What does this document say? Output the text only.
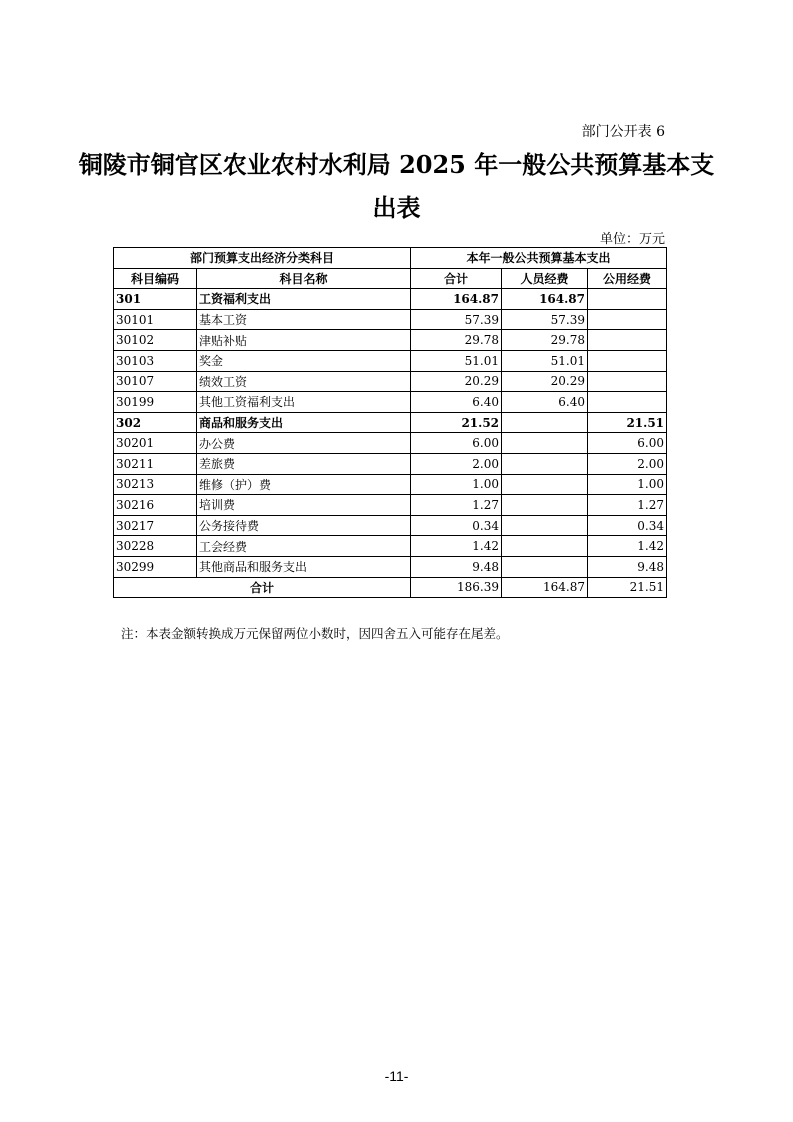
部门公开表 6
铜陵市铜官区农业农村水利局 2025 年一般公共预算基本支
出表
单位：万元
部门预算支出经济分类科目		本年一般公共预算基本支出		
科目编码	科目名称	合计	人员经费	公用经费
301	工资福利支出	164.87	164.87	
30101	基本工资	57.39	57.39	
30102	津贴补贴	29.78	29.78	
30103	奖金	51.01	51.01	
30107	绩效工资	20.29	20.29	
30199	其他工资福利支出	6.40	6.40	
302	商品和服务支出	21.52		21.51
30201	办公费	6.00		6.00
30211	差旅费	2.00		2.00
30213	维修（护）费	1.00		1.00
30216	培训费	1.27		1.27
30217	公务接待费	0.34		0.34
30228	工会经费	1.42		1.42
30299	其他商品和服务支出	9.48		9.48
合计		186.39	164.87	21.51
注：本表金额转换成万元保留两位小数时，因四舍五入可能存在尾差。
-11-
